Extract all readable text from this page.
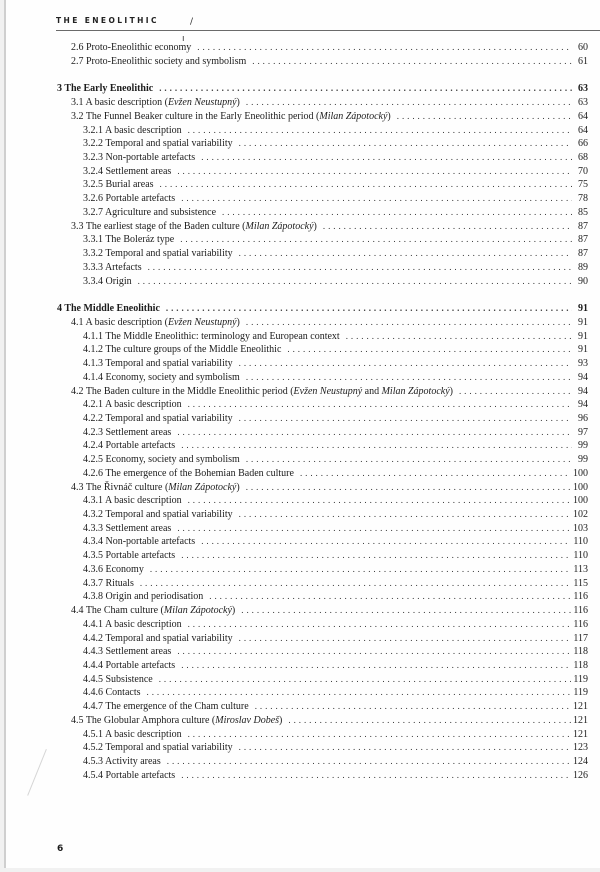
THE ENEOLITHIC	/
ı
2.6 Proto-Eneolithic economy . . .	60
2.7 Proto-Eneolithic society and symbolism . . .	61
3 The Early Eneolithic . . .	63
3.1 A basic description (Evžen Neustupný) . . .	63
3.2 The Funnel Beaker culture in the Early Eneolithic period (Milan Zápotocký) . . .	64
3.2.1 A basic description . . .	64
3.2.2 Temporal and spatial variability . . .	66
3.2.3 Non-portable artefacts . . .	68
3.2.4 Settlement areas . . .	70
3.2.5 Burial areas . . .	75
3.2.6 Portable artefacts . . .	78
3.2.7 Agriculture and subsistence . . .	85
3.3 The earliest stage of the Baden culture (Milan Zápotocký) . . .	87
3.3.1 The Boleráz type . . .	87
3.3.2 Temporal and spatial variability . . .	87
3.3.3 Artefacts . . .	89
3.3.4 Origin . . .	90
4 The Middle Eneolithic . . .	91
4.1 A basic description (Evžen Neustupný) . . .	91
4.1.1 The Middle Eneolithic: terminology and European context . . .	91
4.1.2 The culture groups of the Middle Eneolithic . . .	91
4.1.3 Temporal and spatial variability . . .	93
4.1.4 Economy, society and symbolism . . .	94
4.2 The Baden culture in the Middle Eneolithic period (Evžen Neustupný and Milan Zápotocký) . . .	94
4.2.1 A basic description . . .	94
4.2.2 Temporal and spatial variability . . .	96
4.2.3 Settlement areas . . .	97
4.2.4 Portable artefacts . . .	99
4.2.5 Economy, society and symbolism . . .	99
4.2.6 The emergence of the Bohemian Baden culture . . .	100
4.3 The Řivnáč culture (Milan Zápotocký) . . .	100
4.3.1 A basic description . . .	100
4.3.2 Temporal and spatial variability . . .	102
4.3.3 Settlement areas . . .	103
4.3.4 Non-portable artefacts . . .	110
4.3.5 Portable artefacts . . .	110
4.3.6 Economy . . .	113
4.3.7 Rituals . . .	115
4.3.8 Origin and periodisation . . .	116
4.4 The Cham culture (Milan Zápotocký) . . .	116
4.4.1 A basic description . . .	116
4.4.2 Temporal and spatial variability . . .	117
4.4.3 Settlement areas . . .	118
4.4.4 Portable artefacts . . .	118
4.4.5 Subsistence . . .	119
4.4.6 Contacts . . .	119
4.4.7 The emergence of the Cham culture . . .	121
4.5 The Globular Amphora culture (Miroslav Dobeš) . . .	121
4.5.1 A basic description . . .	121
4.5.2 Temporal and spatial variability . . .	123
4.5.3 Activity areas . . .	124
4.5.4 Portable artefacts . . .	126
6
